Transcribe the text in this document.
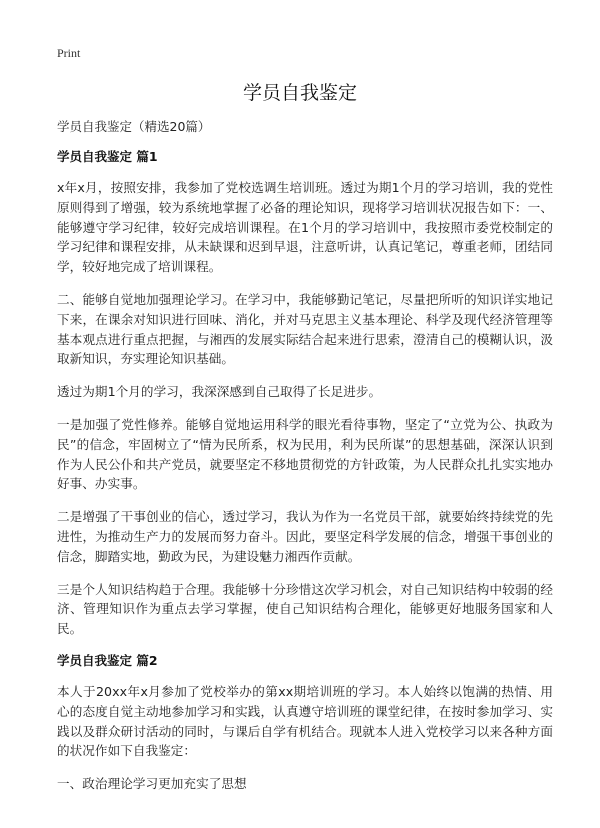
Print
学员自我鉴定

学员自我鉴定（精选20篇）

学员自我鉴定 篇1

x年x月，按照安排，我参加了党校选调生培训班。透过为期1个月的学习培训，我的党性原则得到了增强，较为系统地掌握了必备的理论知识，现将学习培训状况报告如下：一、能够遵守学习纪律，较好完成培训课程。在1个月的学习培训中，我按照市委党校制定的学习纪律和课程安排，从未缺课和迟到早退，注意听讲，认真记笔记，尊重老师，团结同学，较好地完成了培训课程。

二、能够自觉地加强理论学习。在学习中，我能够勤记笔记，尽量把所听的知识详实地记下来，在课余对知识进行回味、消化，并对马克思主义基本理论、科学及现代经济管理等基本观点进行重点把握，与湘西的发展实际结合起来进行思索，澄清自己的模糊认识，汲取新知识，夯实理论知识基础。

透过为期1个月的学习，我深深感到自己取得了长足进步。

一是加强了党性修养。能够自觉地运用科学的眼光看待事物，坚定了“立党为公、执政为民”的信念，牢固树立了“情为民所系，权为民用，利为民所谋”的思想基础，深深认识到作为人民公仆和共产党员，就要坚定不移地贯彻党的方针政策，为人民群众扎扎实实地办好事、办实事。

二是增强了干事创业的信心，透过学习，我认为作为一名党员干部，就要始终持续党的先进性，为推动生产力的发展而努力奋斗。因此，要坚定科学发展的信念，增强干事创业的信念，脚踏实地，勤政为民，为建设魅力湘西作贡献。

三是个人知识结构趋于合理。我能够十分珍惜这次学习机会，对自己知识结构中较弱的经济、管理知识作为重点去学习掌握，使自己知识结构合理化，能够更好地服务国家和人民。

学员自我鉴定 篇2

本人于20xx年x月参加了党校举办的第xx期培训班的学习。本人始终以饱满的热情、用心的态度自觉主动地参加学习和实践，认真遵守培训班的课堂纪律，在按时参加学习、实践以及群众研讨活动的同时，与课后自学有机结合。现就本人进入党校学习以来各种方面的状况作如下自我鉴定：

一、政治理论学习更加充实了思想
